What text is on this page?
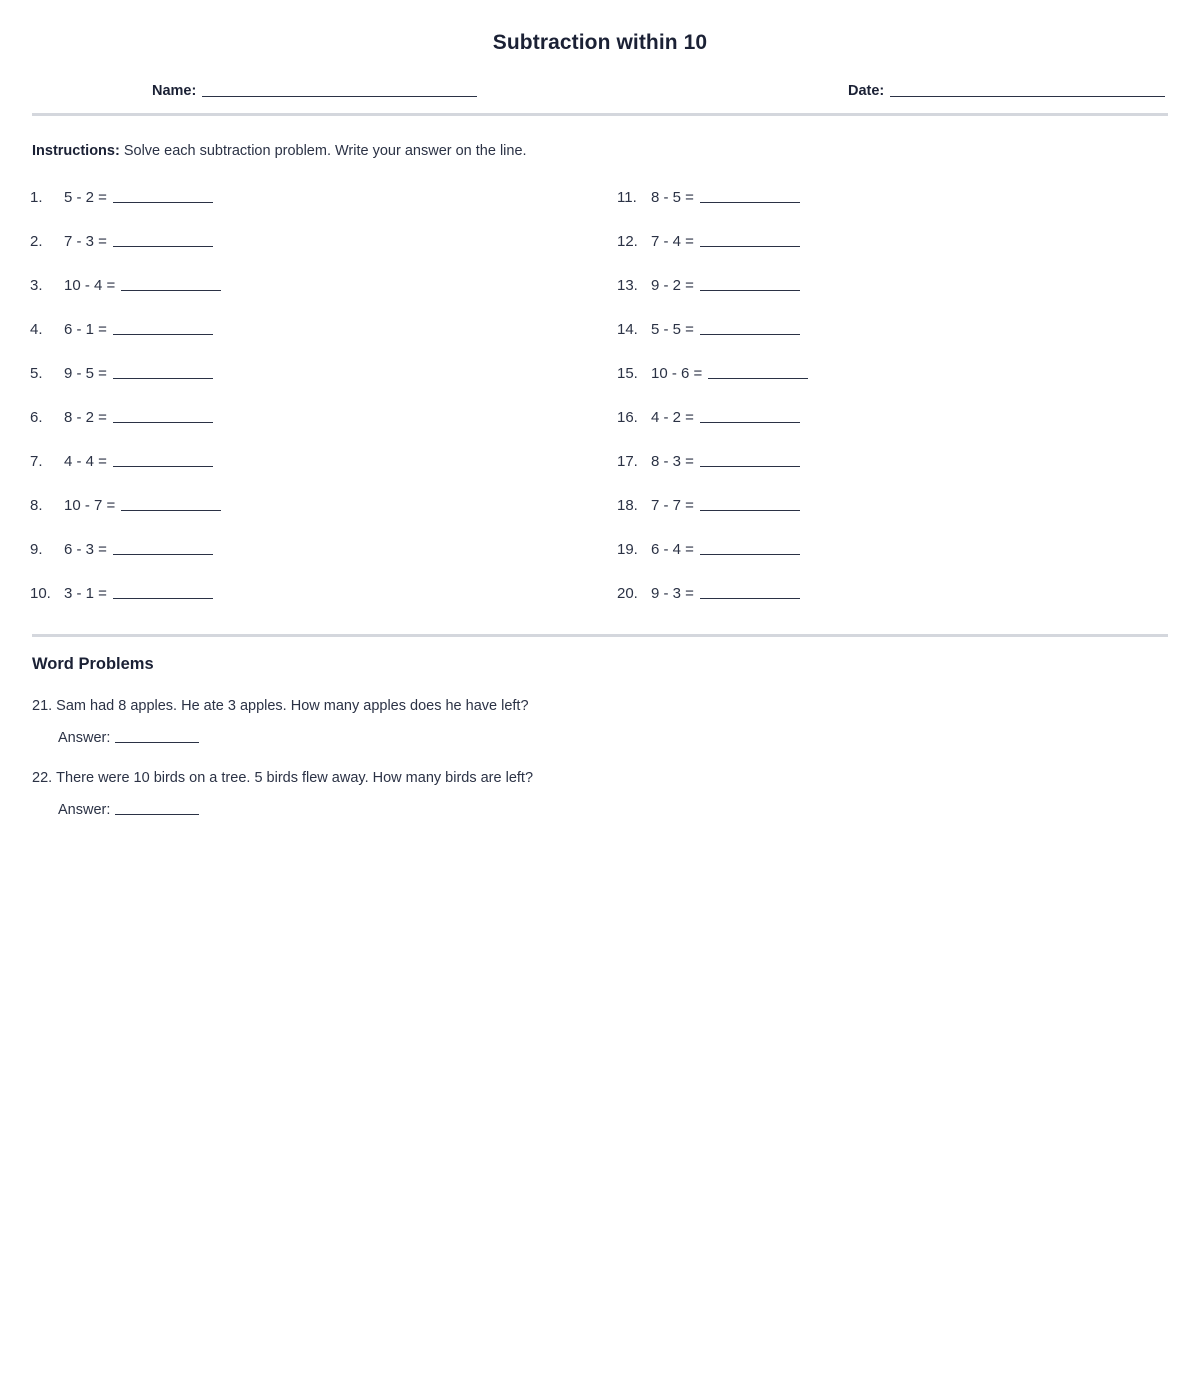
Subtraction within 10
Name:	Date:
Instructions: Solve each subtraction problem. Write your answer on the line.
1.	5 - 2 =
2.	7 - 3 =
3.	10 - 4 =
4.	6 - 1 =
5.	9 - 5 =
6.	8 - 2 =
7.	4 - 4 =
8.	10 - 7 =
9.	6 - 3 =
10. 3 - 1 =
11. 8 - 5 =
12. 7 - 4 =
13. 9 - 2 =
14. 5 - 5 =
15. 10 - 6 =
16. 4 - 2 =
17. 8 - 3 =
18. 7 - 7 =
19. 6 - 4 =
20. 9 - 3 =
Word Problems
21. Sam had 8 apples. He ate 3 apples. How many apples does he have left?
Answer:
22. There were 10 birds on a tree. 5 birds flew away. How many birds are left?
Answer:
